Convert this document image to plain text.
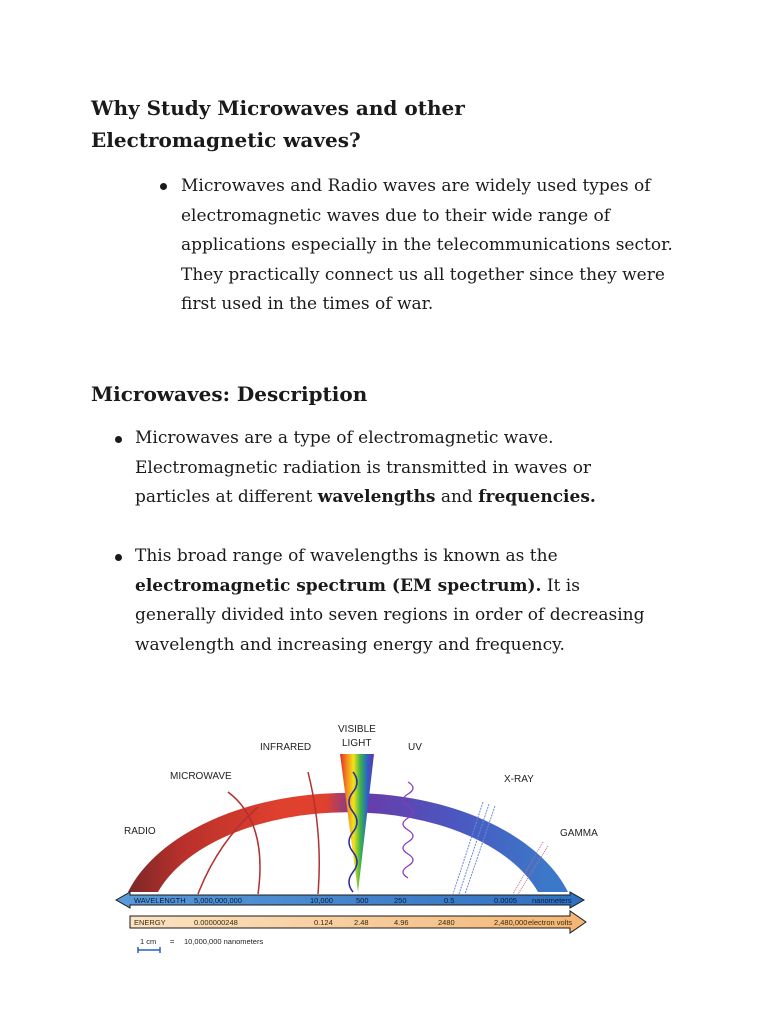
Why Study Microwaves and other Electromagnetic waves?

Microwaves and Radio waves are widely used types of electromagnetic waves due to their wide range of applications especially in the telecommunications sector. They practically connect us all together since they were first used in the times of war.

Microwaves: Description

Microwaves are a type of electromagnetic wave. Electromagnetic radiation is transmitted in waves or particles at different wavelengths and frequencies.

This broad range of wavelengths is known as the electromagnetic spectrum (EM spectrum). It is generally divided into seven regions in order of decreasing wavelength and increasing energy and frequency.

RADIO
MICROWAVE
INFRARED
VISIBLE
LIGHT	UV
X-RAY
GAMMA
WAVELENGTH 5,000,000,000	10,000	500	250	0.5	0.0005 nanometers
ENERGY	0.000000248	0.124	2.48	4.96	2480	2,480,000 electron volts
1 cm = 10,000,000 nanometers
